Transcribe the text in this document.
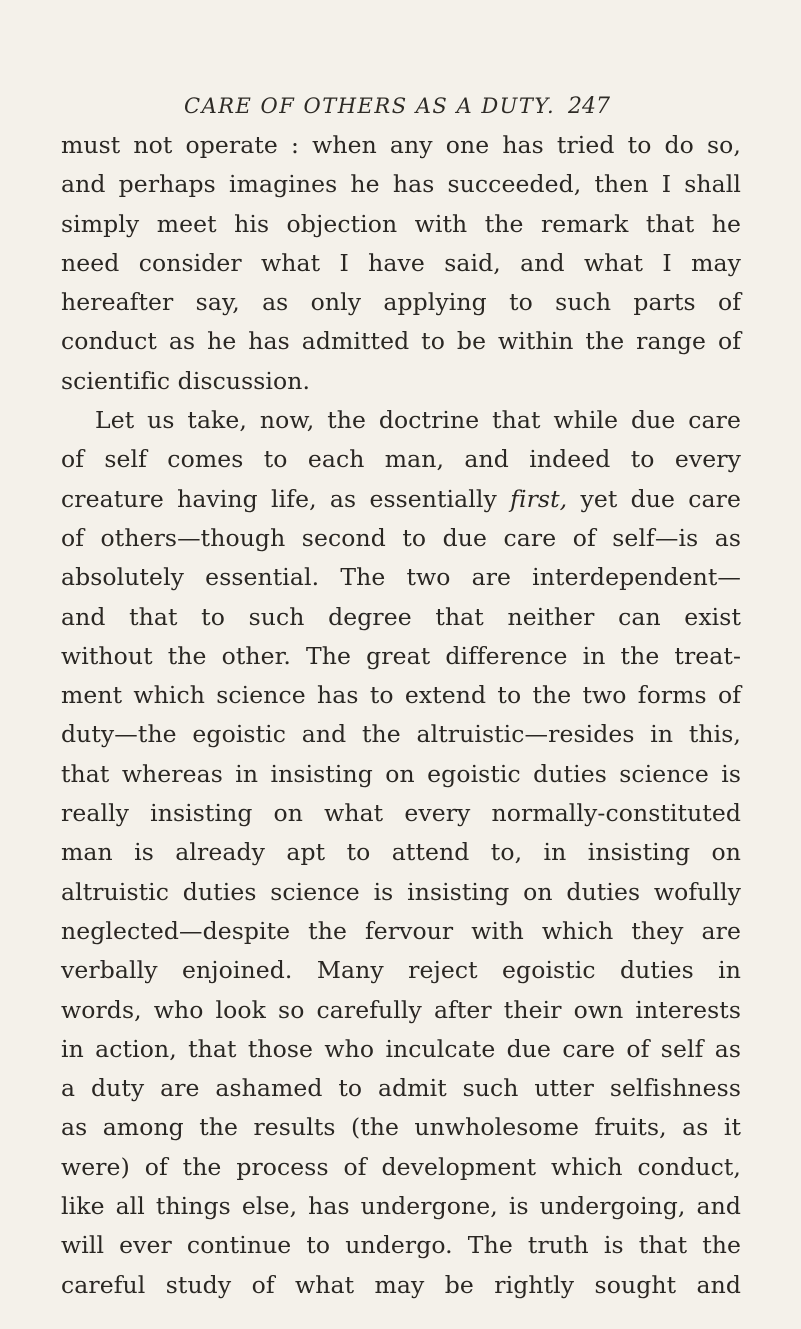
CARE OF OTHERS AS A DUTY. 247
must not operate : when any one has tried to do so,
and perhaps imagines he has succeeded, then I shall
simply meet his objection with the remark that he
need consider what I have said, and what I may
hereafter say, as only applying to such parts of
conduct as he has admitted to be within the range of
scientific discussion.
Let us take, now, the doctrine that while due care
of self comes to each man, and indeed to every
creature having life, as essentially first, yet due care
of others—though second to due care of self—is as
absolutely essential. The two are interdependent—
and that to such degree that neither can exist
without the other. The great difference in the treat-
ment which science has to extend to the two forms of
duty—the egoistic and the altruistic—resides in this,
that whereas in insisting on egoistic duties science is
really insisting on what every normally-constituted
man is already apt to attend to, in insisting on
altruistic duties science is insisting on duties wofully
neglected—despite the fervour with which they are
verbally enjoined. Many reject egoistic duties in
words, who look so carefully after their own interests
in action, that those who inculcate due care of self as
a duty are ashamed to admit such utter selfishness
as among the results (the unwholesome fruits, as it
were) of the process of development which conduct,
like all things else, has undergone, is undergoing, and
will ever continue to undergo. The truth is that the
careful study of what may be rightly sought and
